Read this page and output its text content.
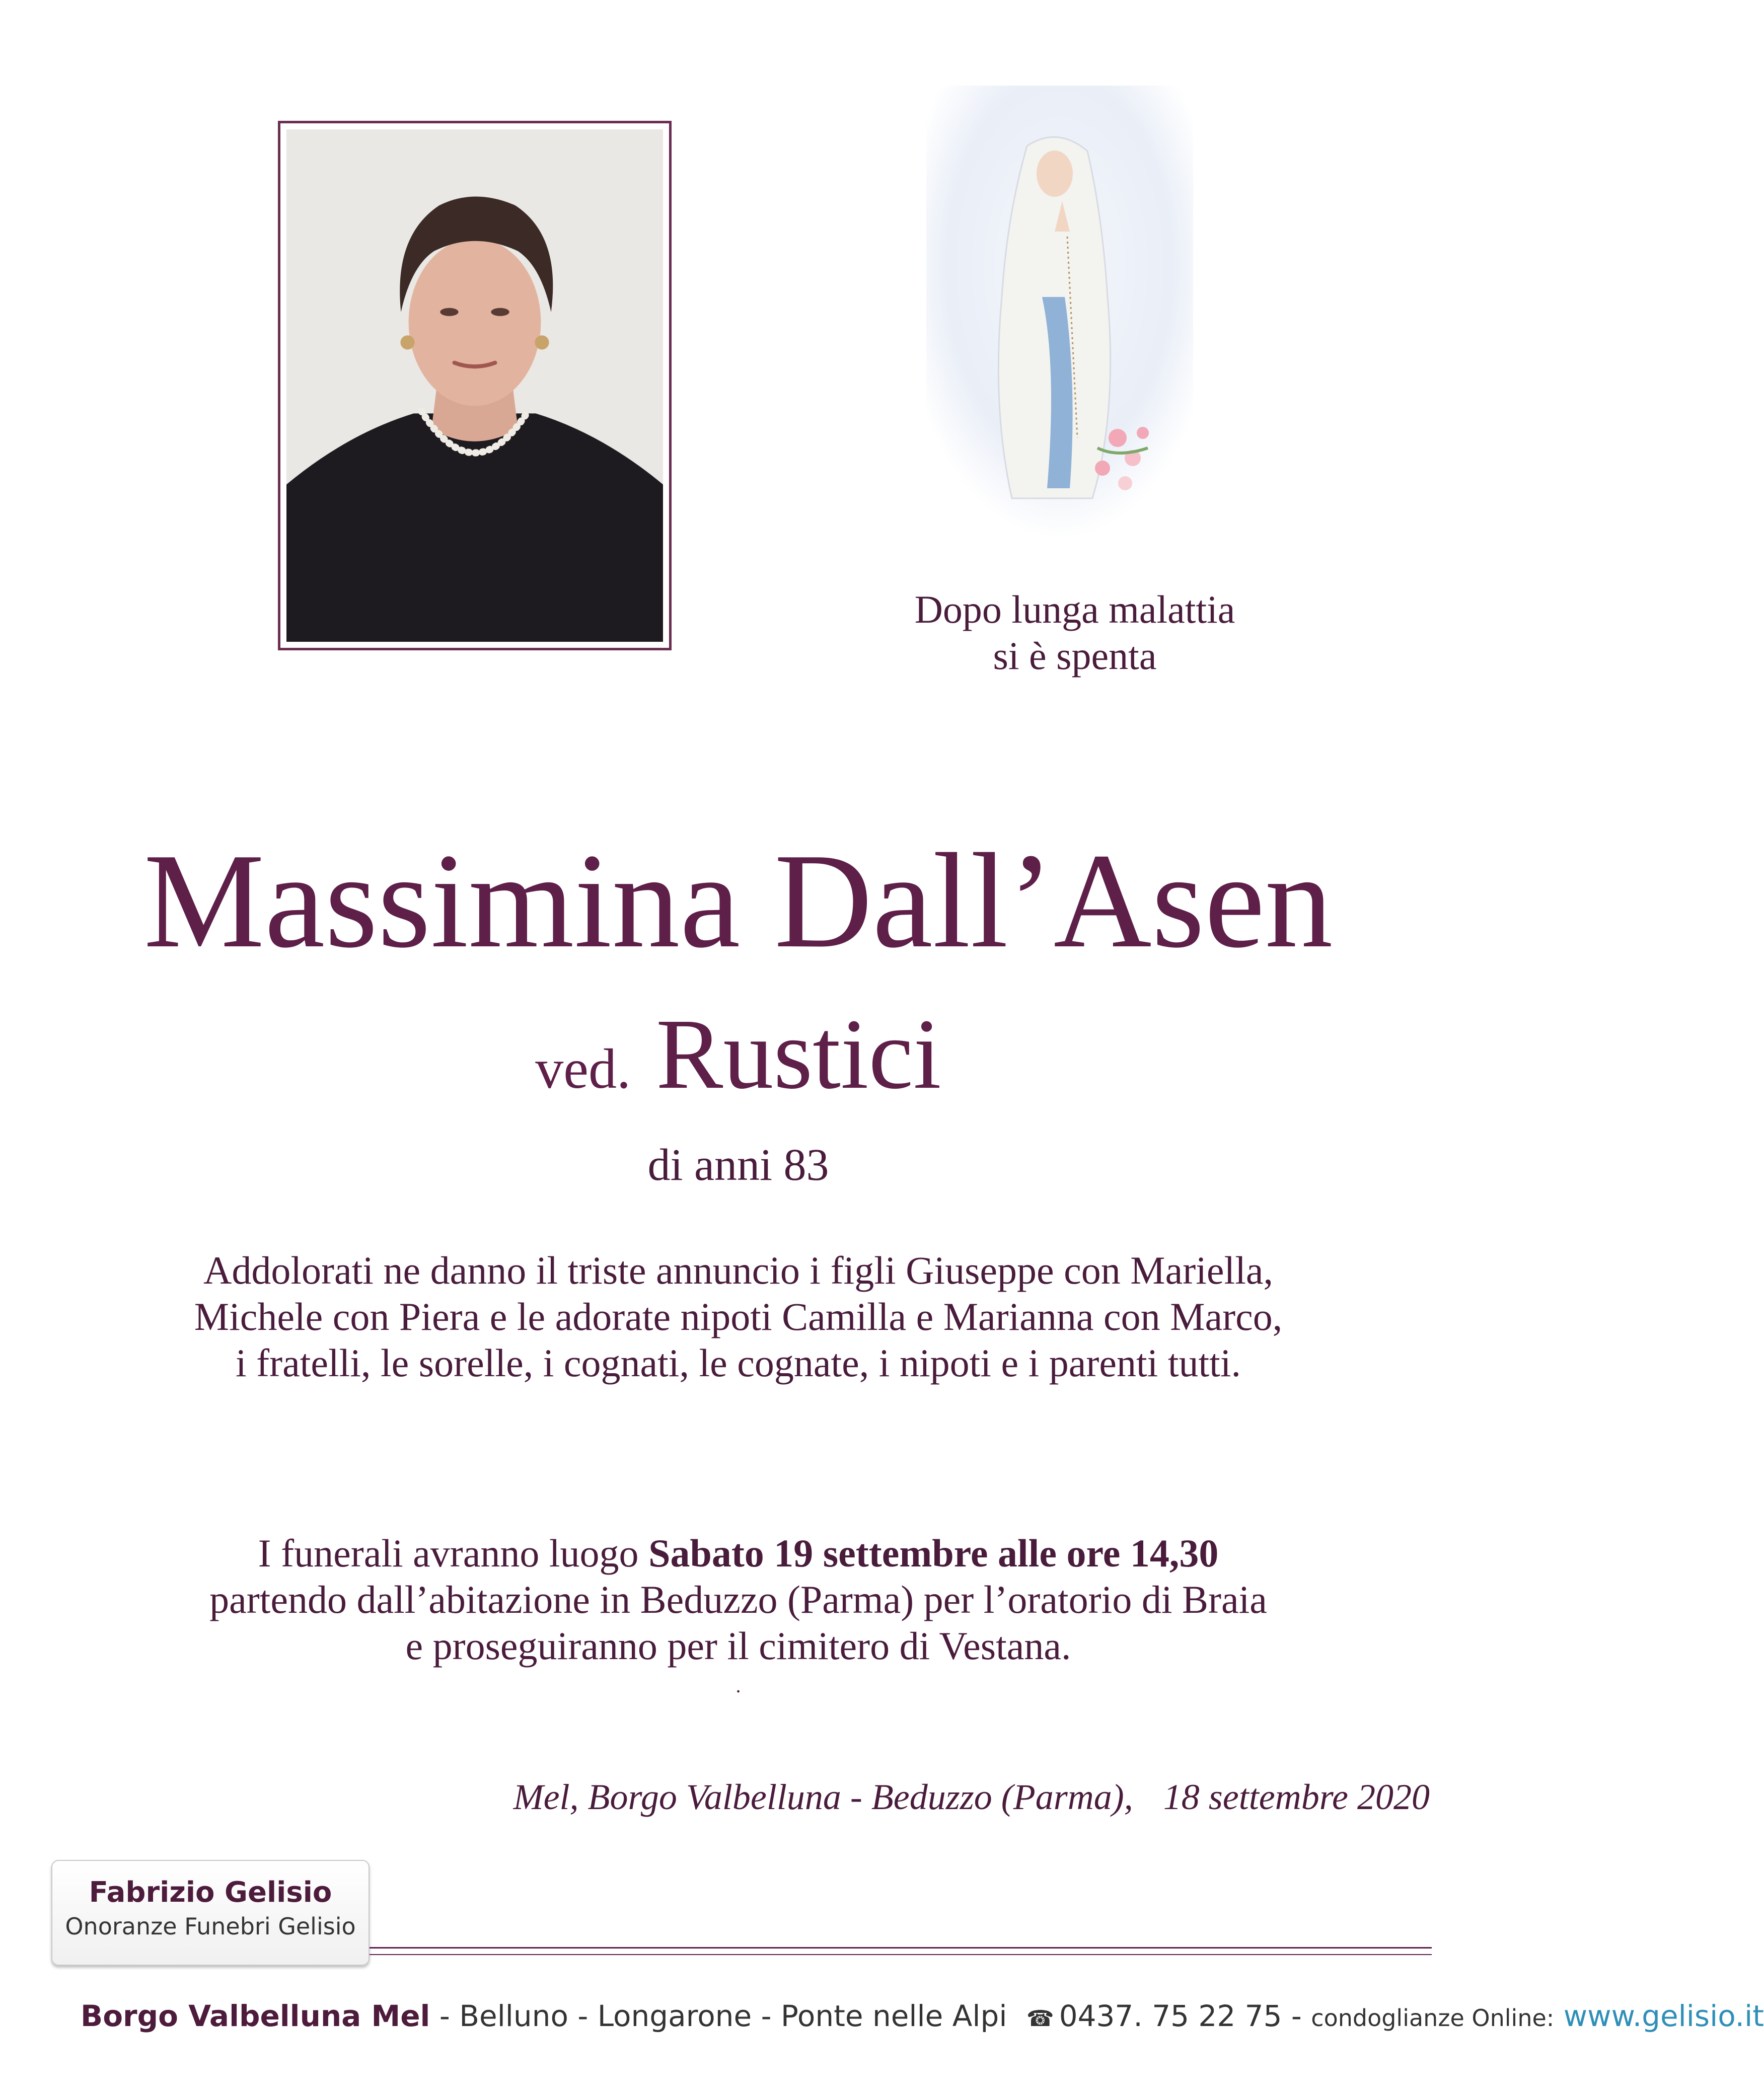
Dopo lunga malattia
si è spenta
Massimina Dall’Asen
ved. Rustici
di anni 83
Addolorati ne danno il triste annuncio i figli Giuseppe con Mariella,
Michele con Piera e le adorate nipoti Camilla e Marianna con Marco,
i fratelli, le sorelle, i cognati, le cognate, i nipoti e i parenti tutti.
I funerali avranno luogo Sabato 19 settembre alle ore 14,30
partendo dall’abitazione in Beduzzo (Parma) per l’oratorio di Braia
e proseguiranno per il cimitero di Vestana.
.
Mel, Borgo Valbelluna - Beduzzo (Parma), 18 settembre 2020
Fabrizio Gelisio
Onoranze Funebri Gelisio
Borgo Valbelluna Mel - Belluno - Longarone - Ponte nelle Alpi ☎ 0437. 75 22 75 - condoglianze Online: www.gelisio.it
